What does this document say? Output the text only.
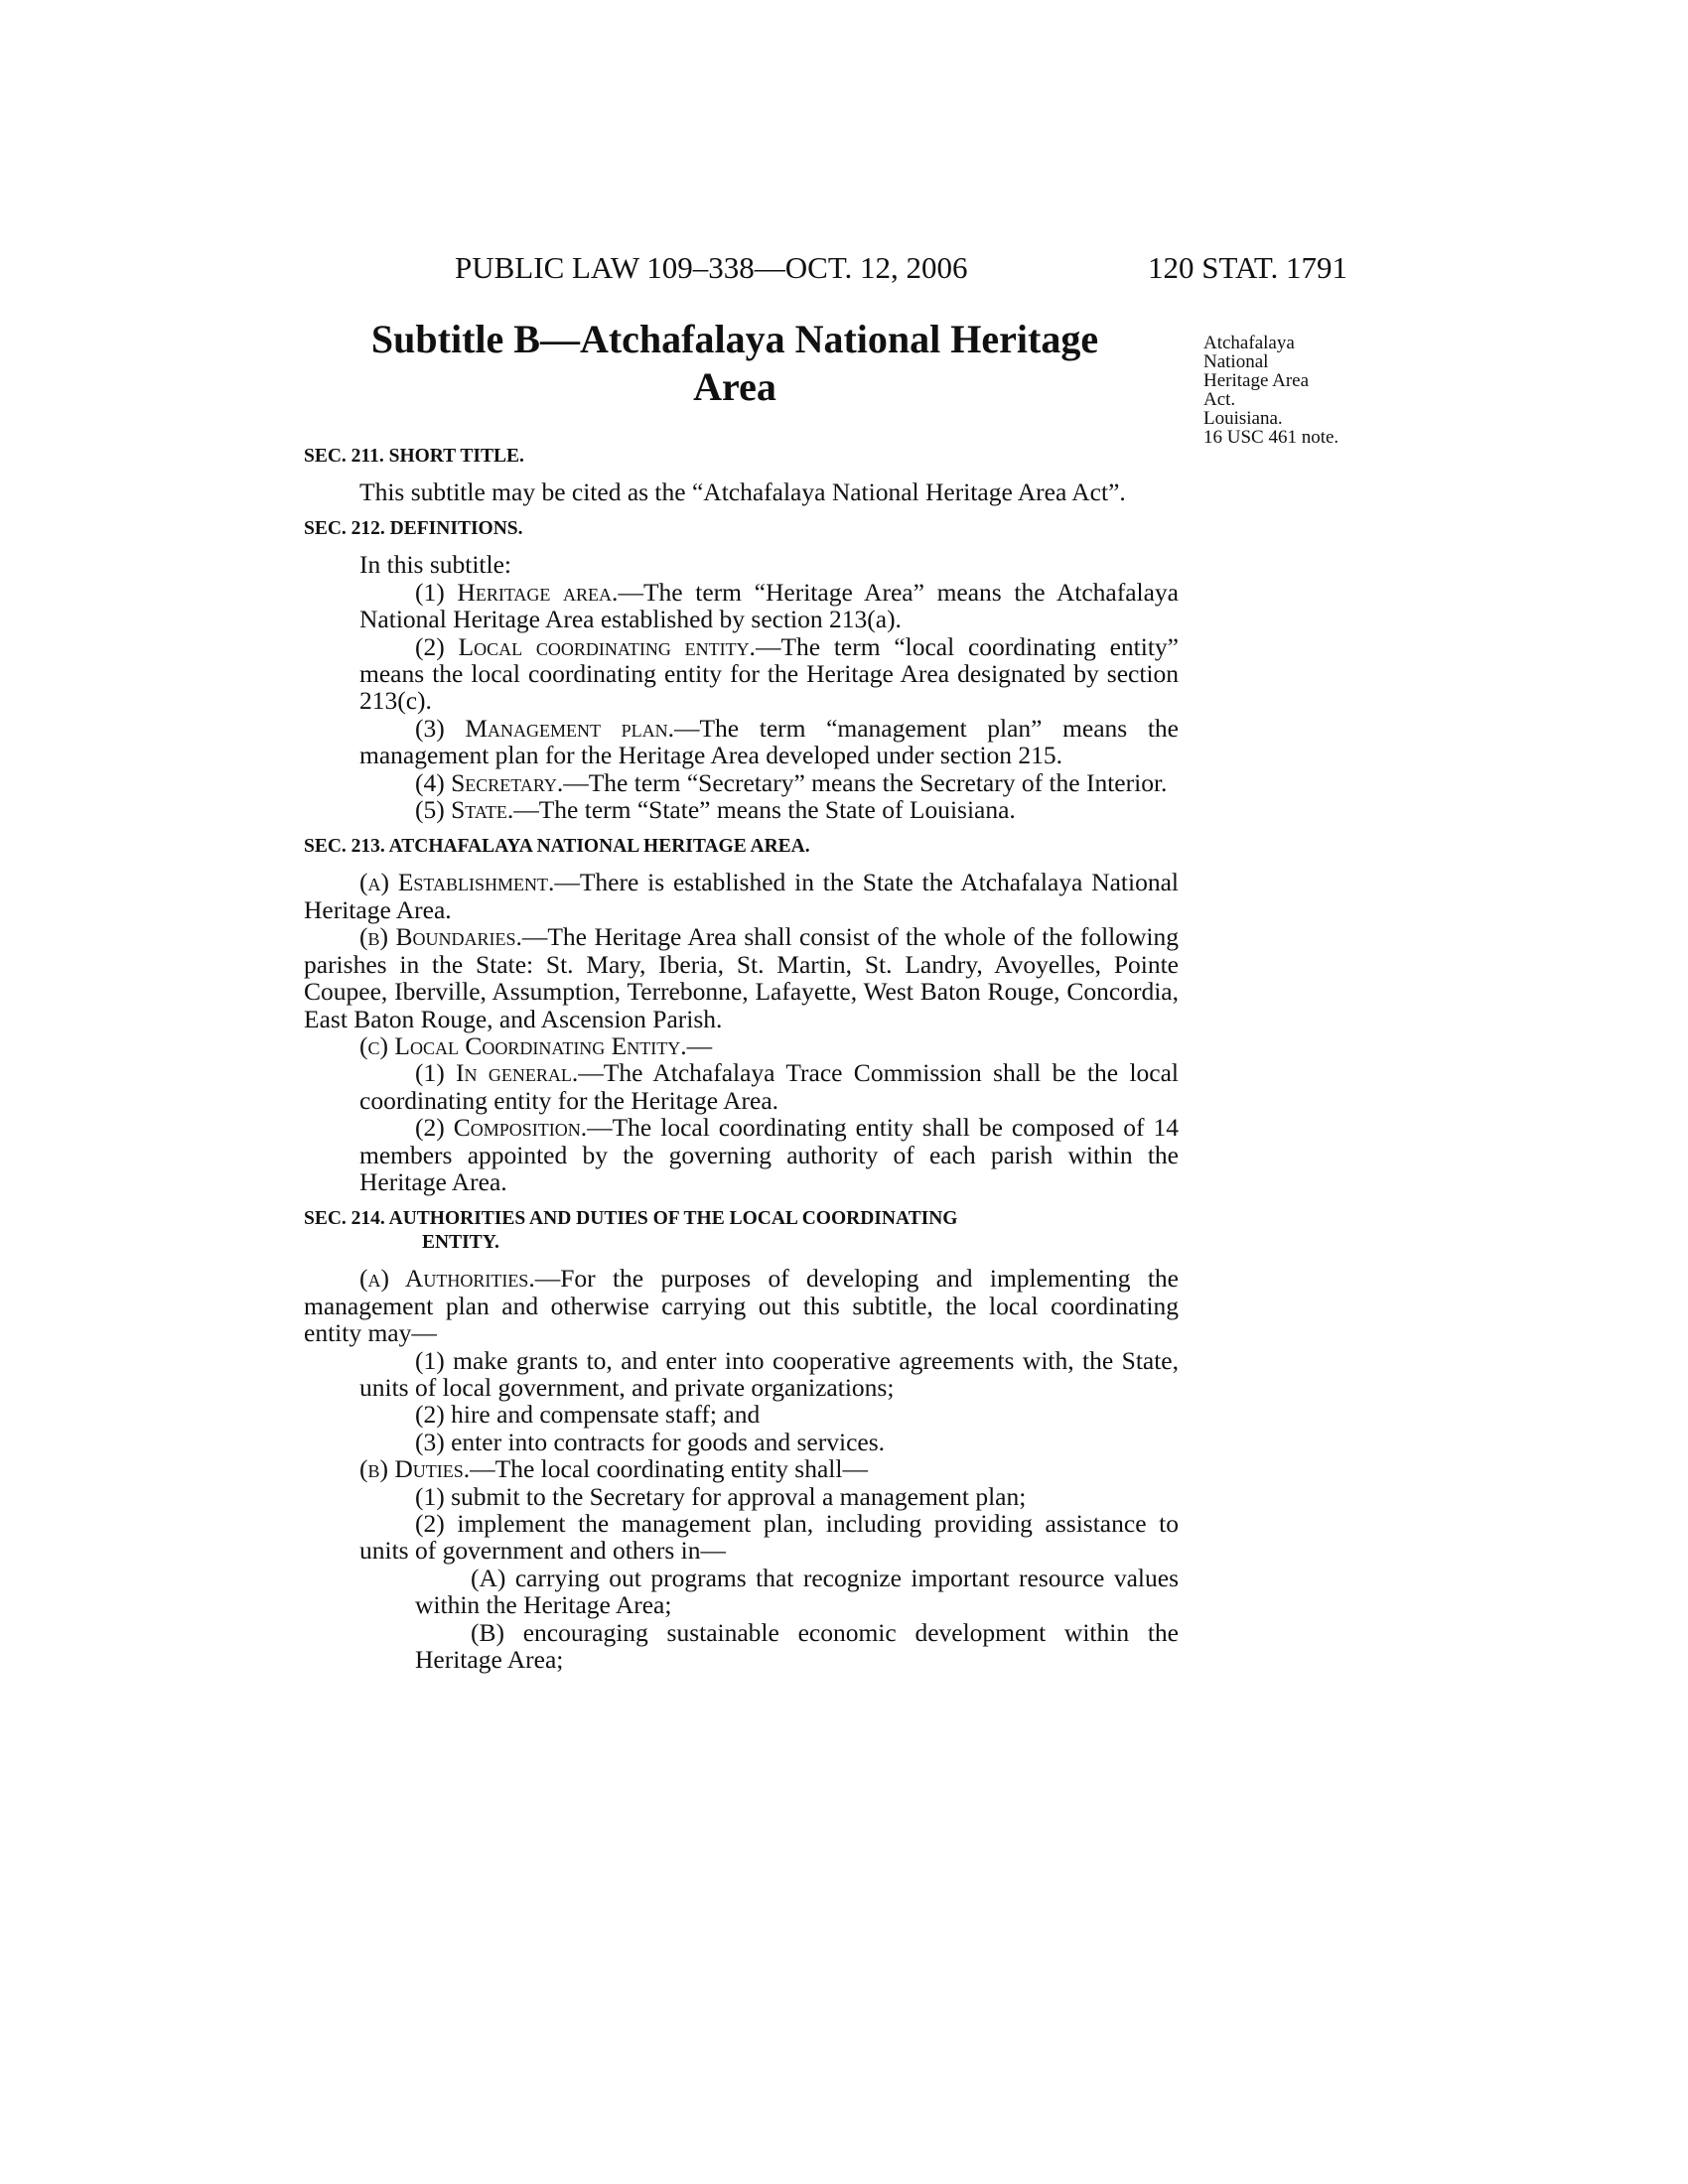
PUBLIC LAW 109–338—OCT. 12, 2006	120 STAT. 1791
Subtitle B—Atchafalaya National Heritage
Area
Atchafalaya
National
Heritage Area
Act.
Louisiana.
16 USC 461 note.
SEC. 211. SHORT TITLE.

This subtitle may be cited as the “Atchafalaya National Heritage Area Act”.

SEC. 212. DEFINITIONS.

In this subtitle:

(1) Heritage area.—The term “Heritage Area” means the Atchafalaya National Heritage Area established by section 213(a).

(2) Local coordinating entity.—The term “local coordinating entity” means the local coordinating entity for the Heritage Area designated by section 213(c).

(3) Management plan.—The term “management plan” means the management plan for the Heritage Area developed under section 215.

(4) Secretary.—The term “Secretary” means the Secretary of the Interior.

(5) State.—The term “State” means the State of Louisiana.

SEC. 213. ATCHAFALAYA NATIONAL HERITAGE AREA.

(a) Establishment.—There is established in the State the Atchafalaya National Heritage Area.

(b) Boundaries.—The Heritage Area shall consist of the whole of the following parishes in the State: St. Mary, Iberia, St. Martin, St. Landry, Avoyelles, Pointe Coupee, Iberville, Assumption, Terrebonne, Lafayette, West Baton Rouge, Concordia, East Baton Rouge, and Ascension Parish.

(c) Local Coordinating Entity.—

(1) In general.—The Atchafalaya Trace Commission shall be the local coordinating entity for the Heritage Area.

(2) Composition.—The local coordinating entity shall be composed of 14 members appointed by the governing authority of each parish within the Heritage Area.

SEC. 214. AUTHORITIES AND DUTIES OF THE LOCAL COORDINATING
ENTITY.

(a) Authorities.—For the purposes of developing and implementing the management plan and otherwise carrying out this subtitle, the local coordinating entity may—

(1) make grants to, and enter into cooperative agreements with, the State, units of local government, and private organizations;

(2) hire and compensate staff; and

(3) enter into contracts for goods and services.

(b) Duties.—The local coordinating entity shall—

(1) submit to the Secretary for approval a management plan;

(2) implement the management plan, including providing assistance to units of government and others in—

(A) carrying out programs that recognize important resource values within the Heritage Area;

(B) encouraging sustainable economic development within the Heritage Area;
